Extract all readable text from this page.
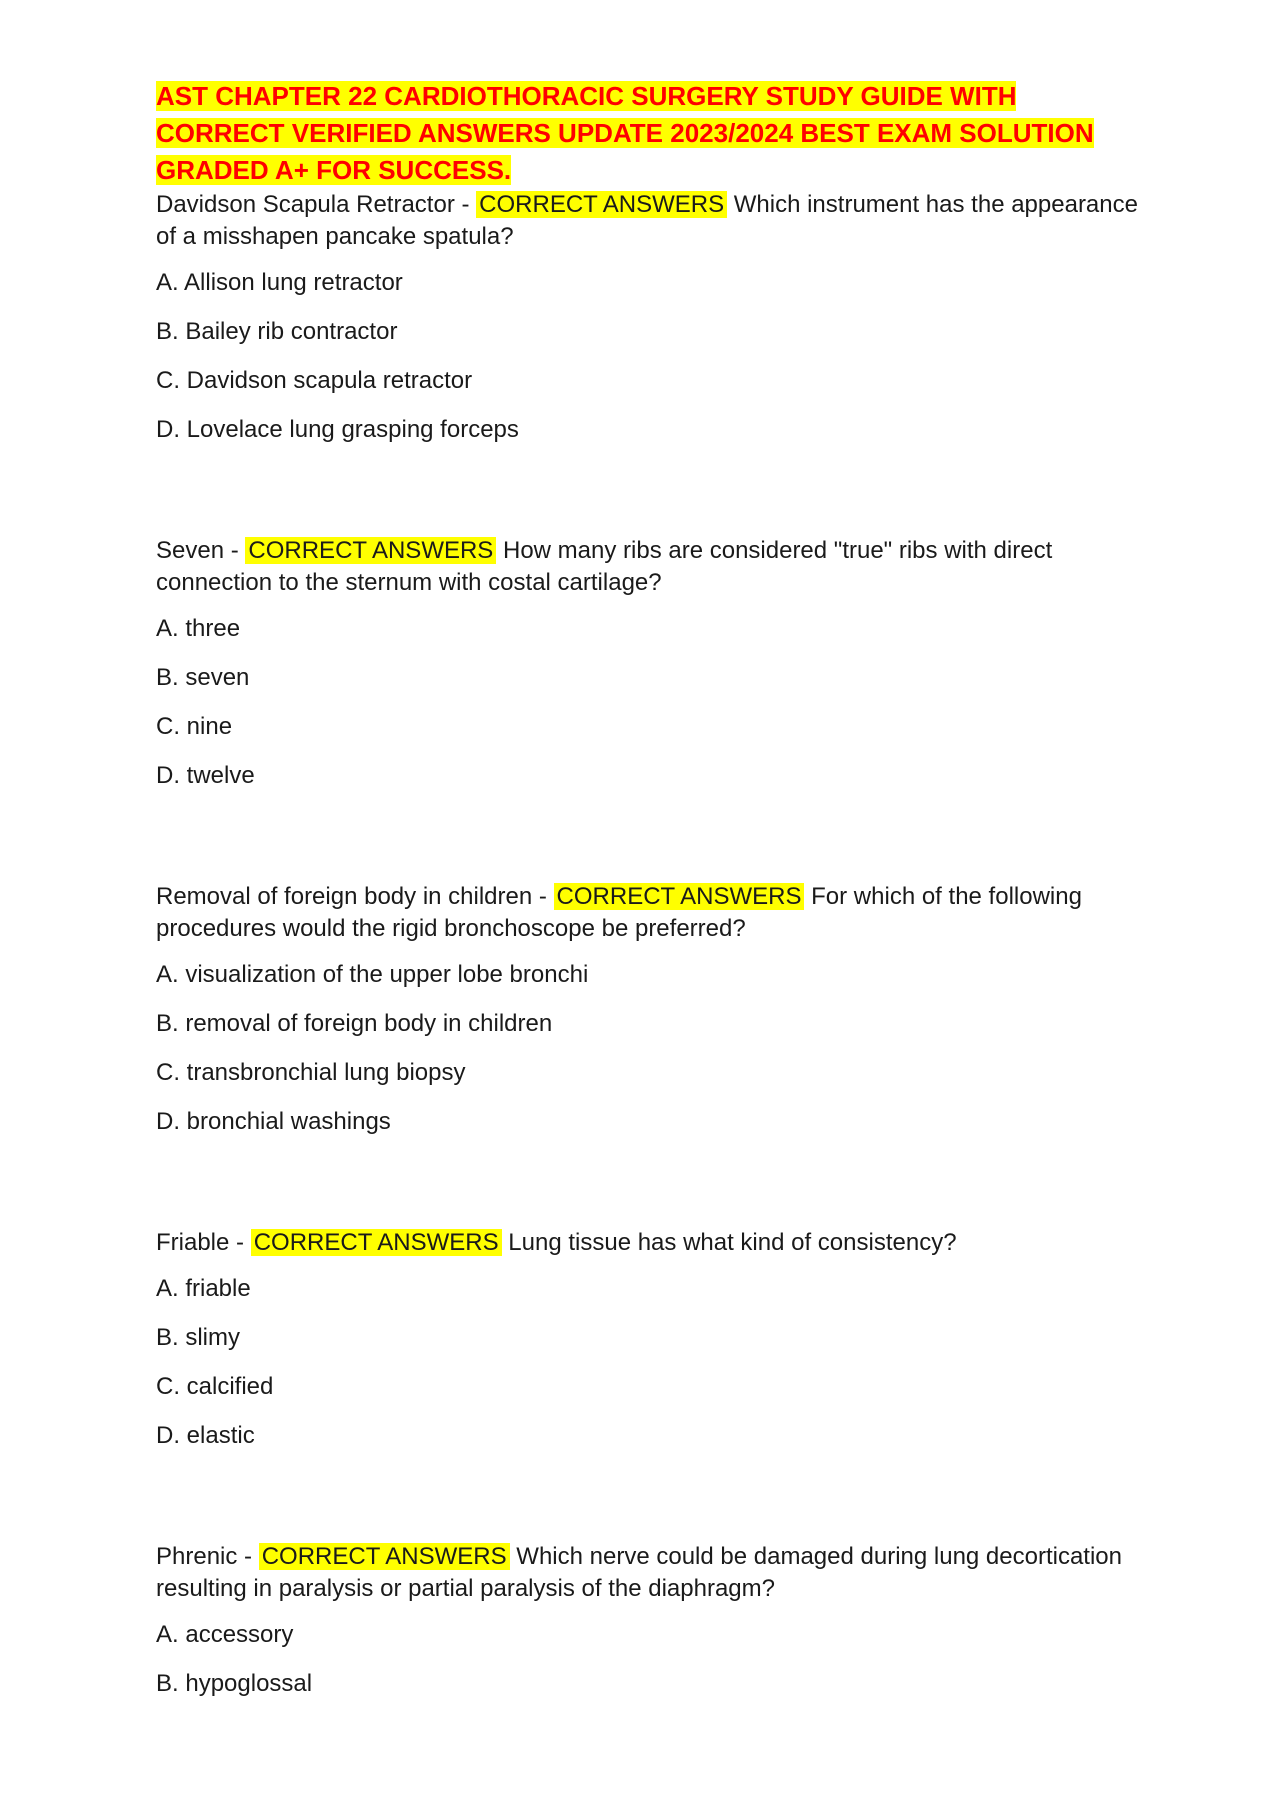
AST CHAPTER 22 CARDIOTHORACIC SURGERY STUDY GUIDE WITH CORRECT VERIFIED ANSWERS UPDATE 2023/2024 BEST EXAM SOLUTION GRADED A+ FOR SUCCESS.

Davidson Scapula Retractor - CORRECT ANSWERS Which instrument has the appearance of a misshapen pancake spatula?

A. Allison lung retractor

B. Bailey rib contractor

C. Davidson scapula retractor

D. Lovelace lung grasping forceps

Seven - CORRECT ANSWERS How many ribs are considered "true" ribs with direct connection to the sternum with costal cartilage?

A. three

B. seven

C. nine

D. twelve

Removal of foreign body in children - CORRECT ANSWERS For which of the following procedures would the rigid bronchoscope be preferred?

A. visualization of the upper lobe bronchi

B. removal of foreign body in children

C. transbronchial lung biopsy

D. bronchial washings

Friable - CORRECT ANSWERS Lung tissue has what kind of consistency?

A. friable

B. slimy

C. calcified

D. elastic

Phrenic - CORRECT ANSWERS Which nerve could be damaged during lung decortication resulting in paralysis or partial paralysis of the diaphragm?

A. accessory

B. hypoglossal
